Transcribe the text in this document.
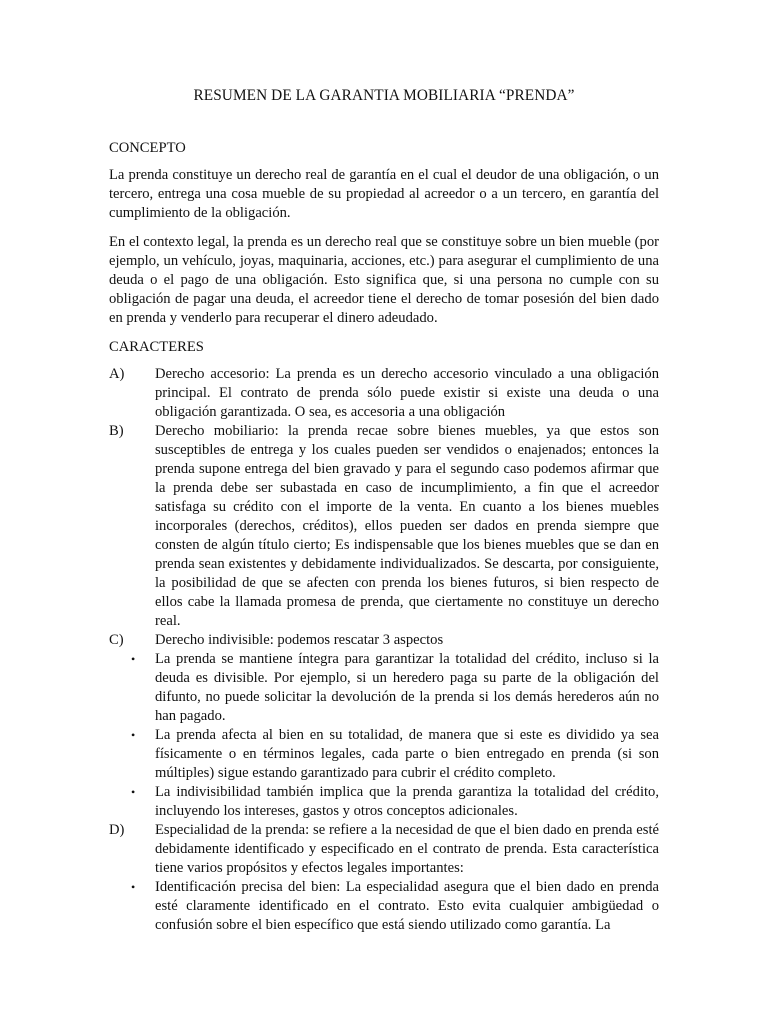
RESUMEN DE LA GARANTIA MOBILIARIA “PRENDA”
CONCEPTO

La prenda constituye un derecho real de garantía en el cual el deudor de una obligación, o un tercero, entrega una cosa mueble de su propiedad al acreedor o a un tercero, en garantía del cumplimiento de la obligación.

En el contexto legal, la prenda es un derecho real que se constituye sobre un bien mueble (por ejemplo, un vehículo, joyas, maquinaria, acciones, etc.) para asegurar el cumplimiento de una deuda o el pago de una obligación. Esto significa que, si una persona no cumple con su obligación de pagar una deuda, el acreedor tiene el derecho de tomar posesión del bien dado en prenda y venderlo para recuperar el dinero adeudado.

CARACTERES
A)	Derecho accesorio: La prenda es un derecho accesorio vinculado a una obligación principal. El contrato de prenda sólo puede existir si existe una deuda o una obligación garantizada. O sea, es accesoria a una obligación
B)	Derecho mobiliario: la prenda recae sobre bienes muebles, ya que estos son susceptibles de entrega y los cuales pueden ser vendidos o enajenados; entonces la prenda supone entrega del bien gravado y para el segundo caso podemos afirmar que la prenda debe ser subastada en caso de incumplimiento, a fin que el acreedor satisfaga su crédito con el importe de la venta. En cuanto a los bienes muebles incorporales (derechos, créditos), ellos pueden ser dados en prenda siempre que consten de algún título cierto; Es indispensable que los bienes muebles que se dan en prenda sean existentes y debidamente individualizados. Se descarta, por consiguiente, la posibilidad de que se afecten con prenda los bienes futuros, si bien respecto de ellos cabe la llamada promesa de prenda, que ciertamente no constituye un derecho real.
C)	Derecho indivisible: podemos rescatar 3 aspectos
•	La prenda se mantiene íntegra para garantizar la totalidad del crédito, incluso si la deuda es divisible. Por ejemplo, si un heredero paga su parte de la obligación del difunto, no puede solicitar la devolución de la prenda si los demás herederos aún no han pagado.
•	La prenda afecta al bien en su totalidad, de manera que si este es dividido ya sea físicamente o en términos legales, cada parte o bien entregado en prenda (si son múltiples) sigue estando garantizado para cubrir el crédito completo.
•	La indivisibilidad también implica que la prenda garantiza la totalidad del crédito, incluyendo los intereses, gastos y otros conceptos adicionales.
D)	Especialidad de la prenda: se refiere a la necesidad de que el bien dado en prenda esté debidamente identificado y especificado en el contrato de prenda. Esta característica tiene varios propósitos y efectos legales importantes:
•	Identificación precisa del bien: La especialidad asegura que el bien dado en prenda esté claramente identificado en el contrato. Esto evita cualquier ambigüedad o confusión sobre el bien específico que está siendo utilizado como garantía. La
